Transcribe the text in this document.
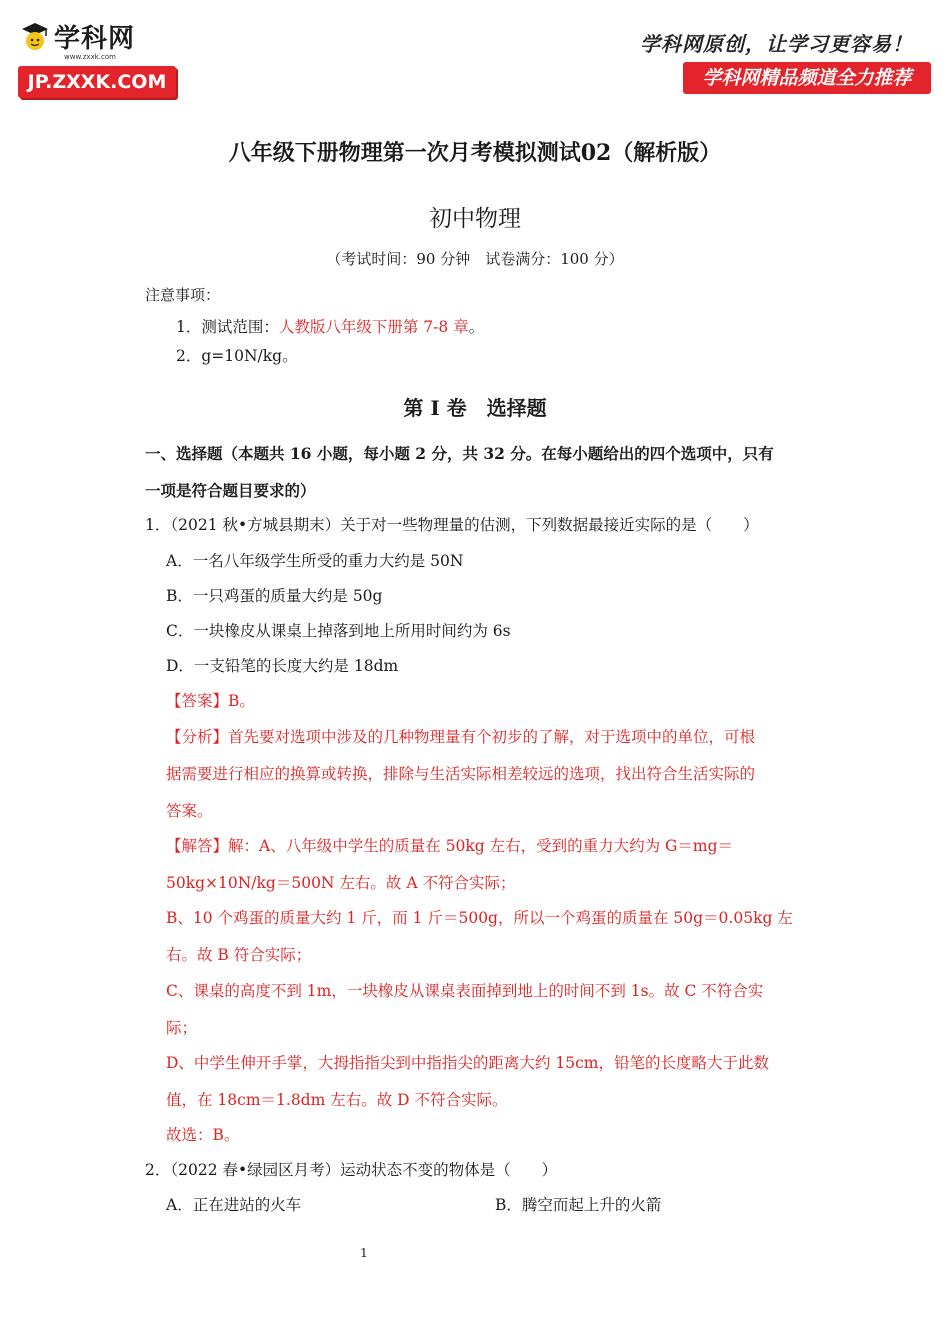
学科网
www.zxxk.com
JP.ZXXK.COM
学科网原创，让学习更容易！
学科网精品频道全力推荐
八年级下册物理第一次月考模拟测试02（解析版）
初中物理
（考试时间：90 分钟　试卷满分：100 分）
注意事项：
1．测试范围：人教版八年级下册第 7-8 章。
2．g=10N/kg。
第 Ⅰ 卷　选择题
一、选择题（本题共 16 小题，每小题 2 分，共 32 分。在每小题给出的四个选项中，只有
一项是符合题目要求的）
1．（2021 秋•方城县期末）关于对一些物理量的估测，下列数据最接近实际的是（　　）
A．一名八年级学生所受的重力大约是 50N
B．一只鸡蛋的质量大约是 50g
C．一块橡皮从课桌上掉落到地上所用时间约为 6s
D．一支铅笔的长度大约是 18dm
【答案】B。
【分析】首先要对选项中涉及的几种物理量有个初步的了解，对于选项中的单位，可根
据需要进行相应的换算或转换，排除与生活实际相差较远的选项，找出符合生活实际的
答案。
【解答】解：A、八年级中学生的质量在 50kg 左右，受到的重力大约为 G＝mg＝
50kg×10N/kg＝500N 左右。故 A 不符合实际；
B、10 个鸡蛋的质量大约 1 斤，而 1 斤＝500g，所以一个鸡蛋的质量在 50g＝0.05kg 左
右。故 B 符合实际；
C、课桌的高度不到 1m，一块橡皮从课桌表面掉到地上的时间不到 1s。故 C 不符合实
际；
D、中学生伸开手掌，大拇指指尖到中指指尖的距离大约 15cm，铅笔的长度略大于此数
值，在 18cm＝1.8dm 左右。故 D 不符合实际。
故选：B。
2．（2022 春•绿园区月考）运动状态不变的物体是（　　）
A．正在进站的火车	B．腾空而起上升的火箭
1
